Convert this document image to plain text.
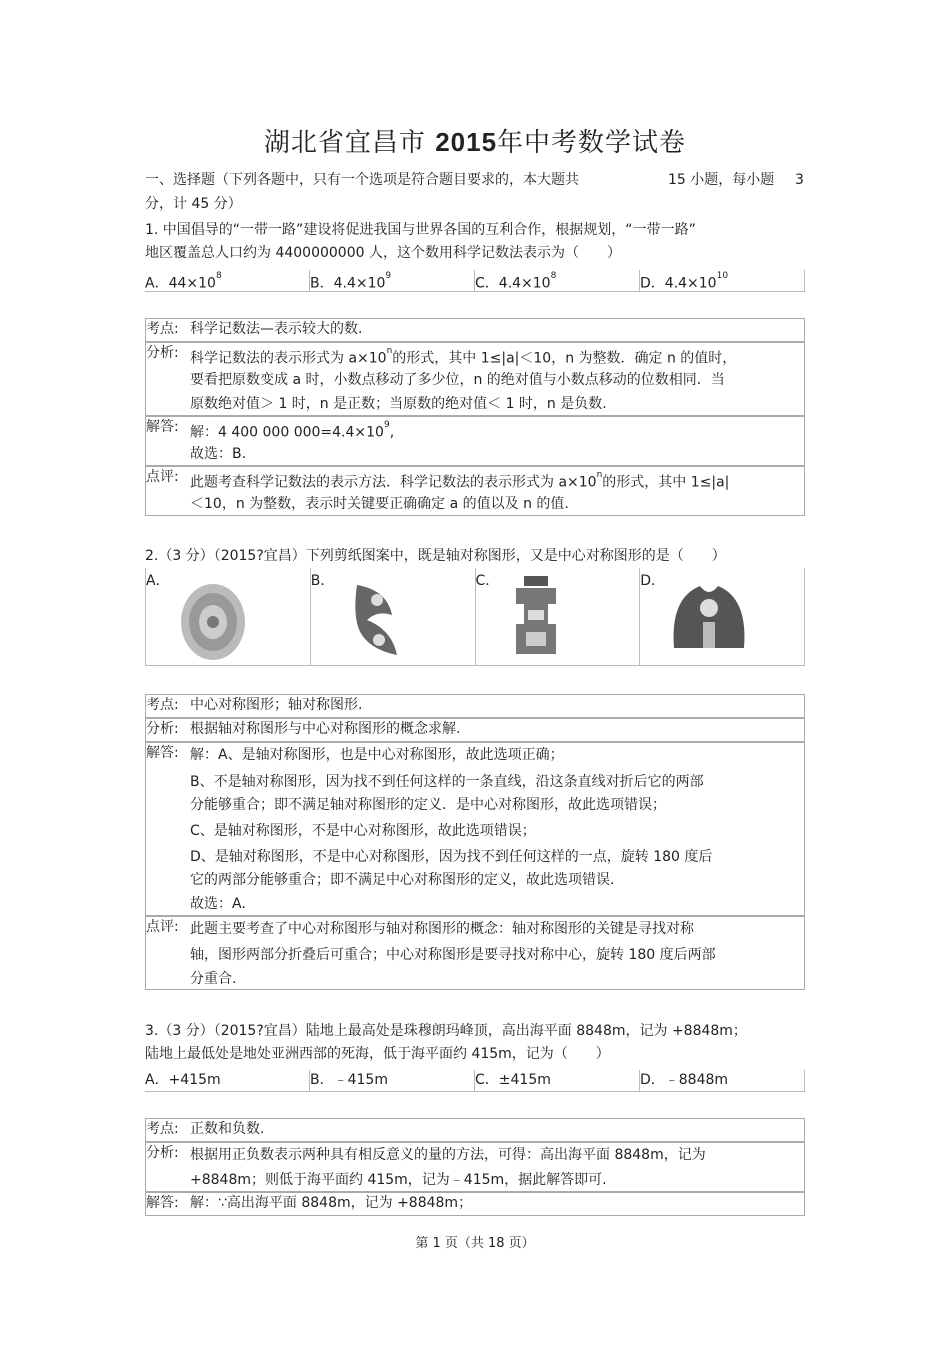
湖北省宜昌市 2015年中考数学试卷
一、选择题（下列各题中，只有一个选项是符合题目要求的，本大题共	15 小题，每小题 3
分，计 45 分）
1. 中国倡导的“一带一路”建设将促进我国与世界各国的互利合作，根据规划，“一带一路”
地区覆盖总人口约为 4400000000 人，这个数用科学记数法表示为（　　）
A．$44\times 10^8$	B．$4.4\times 10^9$	C．$4.4\times 10^8$	D．$4.4\times 10^{10}$
考点: 科学记数法—表示较大的数.
分析: 科学记数法的表示形式为 $a\times 10^n$的形式，其中 1≤|a|＜10，n 为整数．确定 n 的值时，
要看把原数变成 a 时，小数点移动了多少位，n 的绝对值与小数点移动的位数相同．当
原数绝对值＞ 1 时，n 是正数；当原数的绝对值＜ 1 时，n 是负数.
解答: 解：4 400 000 $000=4.4\times 10^9$,
故选：B.
点评: 此题考查科学记数法的表示方法．科学记数法的表示形式为 $a\times 10^n$的形式，其中 1≤|a|
＜10，n 为整数，表示时关键要正确确定 a 的值以及 n 的值.
2.（3 分）（2015?宜昌）下列剪纸图案中，既是轴对称图形，又是中心对称图形的是（　　）
A．	B．	C．	D．
考点: 中心对称图形；轴对称图形.
分析: 根据轴对称图形与中心对称图形的概念求解.
解答: 解：A、是轴对称图形，也是中心对称图形，故此选项正确；
B、不是轴对称图形，因为找不到任何这样的一条直线，沿这条直线对折后它的两部
分能够重合；即不满足轴对称图形的定义．是中心对称图形，故此选项错误；
C、是轴对称图形，不是中心对称图形，故此选项错误；
D、是轴对称图形，不是中心对称图形，因为找不到任何这样的一点，旋转 180 度后
它的两部分能够重合；即不满足中心对称图形的定义，故此选项错误.
故选：A.
点评: 此题主要考查了中心对称图形与轴对称图形的概念：轴对称图形的关键是寻找对称
轴，图形两部分折叠后可重合；中心对称图形是要寻找对称中心，旋转 180 度后两部
分重合.
3.（3 分）（2015?宜昌）陆地上最高处是珠穆朗玛峰顶，高出海平面 8848m，记为 +8848m；
陆地上最低处是地处亚洲西部的死海，低于海平面约 415m，记为（　　）
A．+415m	B．﹣415m	C．±415m	D．﹣8848m
考点: 正数和负数.
分析: 根据用正负数表示两种具有相反意义的量的方法，可得：高出海平面 8848m，记为
+8848m；则低于海平面约 415m，记为﹣415m，据此解答即可.
解答: 解：∵高出海平面 8848m，记为 +8848m；
第 1 页（共 18 页）
